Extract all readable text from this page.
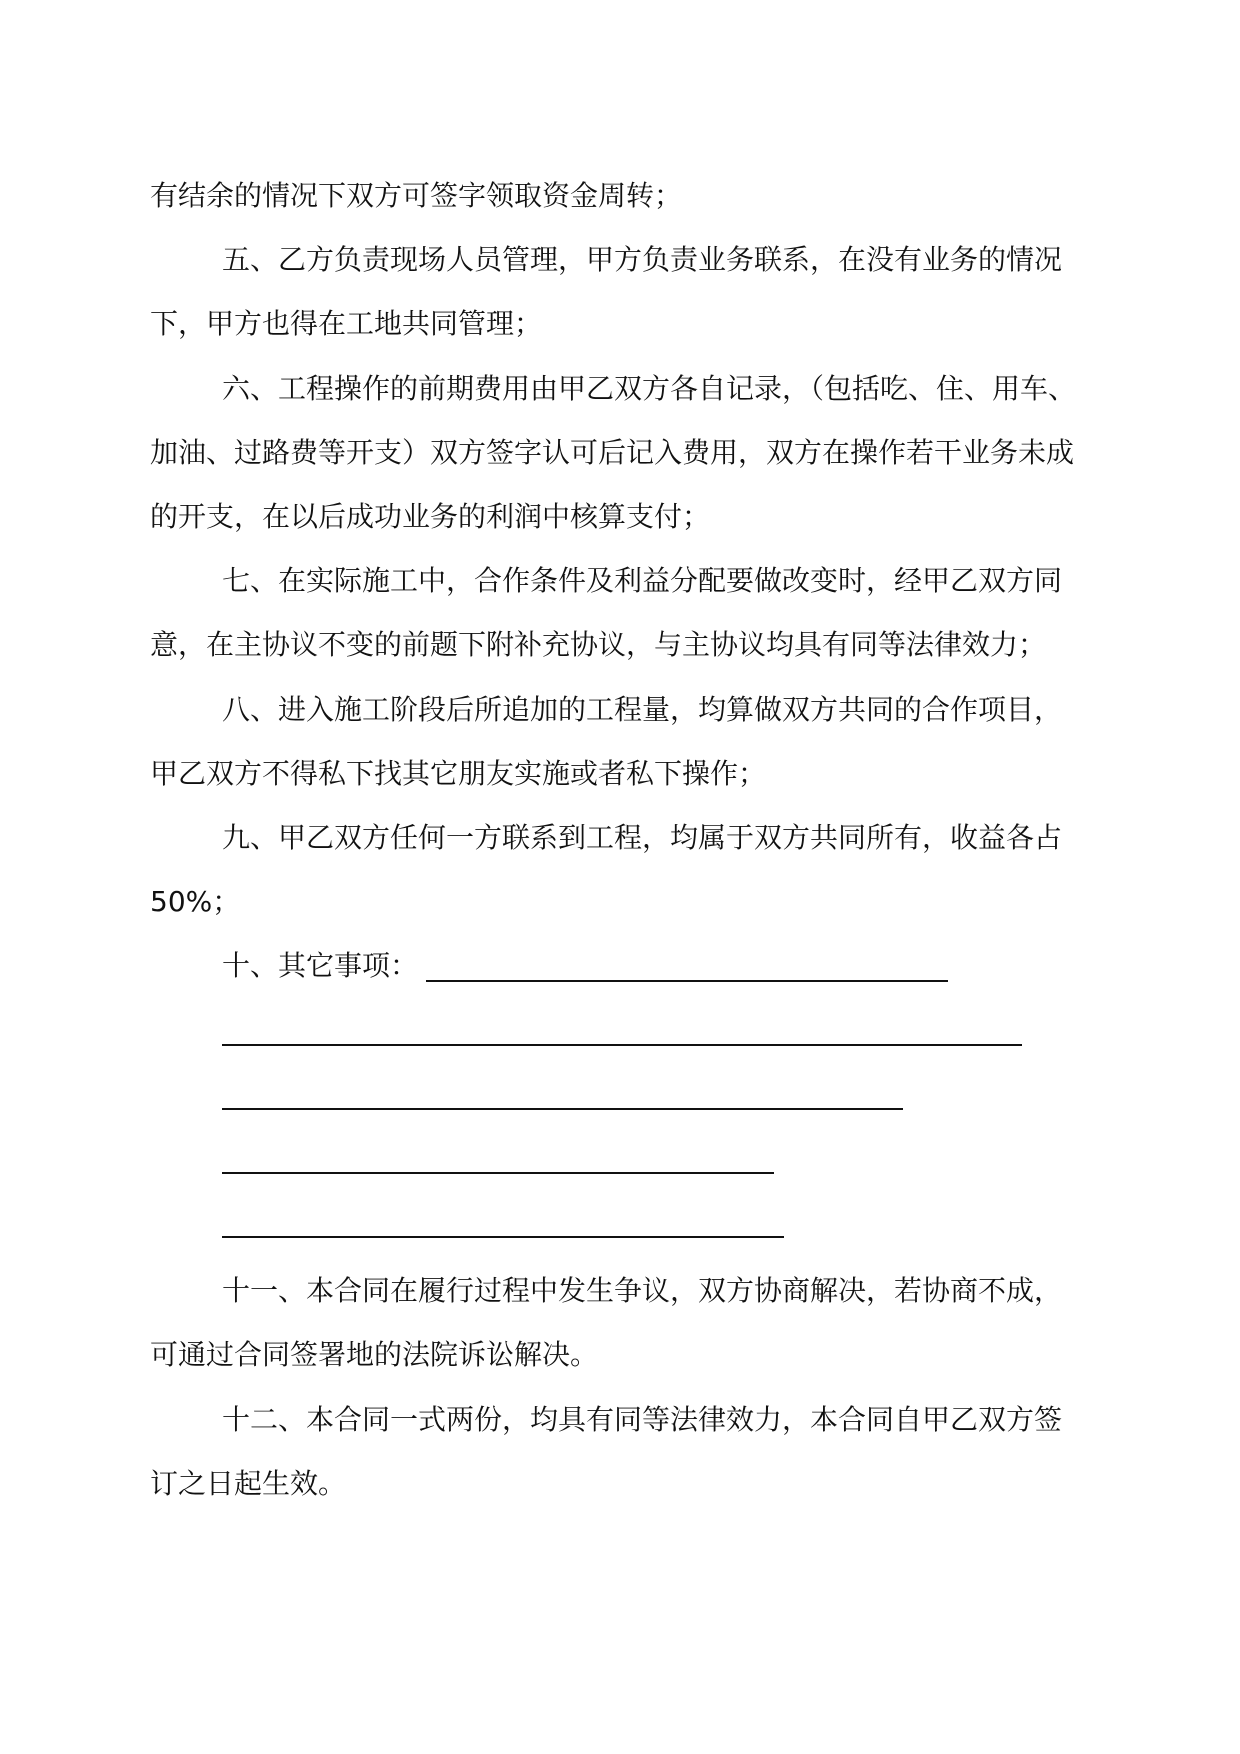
有结余的情况下双方可签字领取资金周转；
五、乙方负责现场人员管理，甲方负责业务联系，在没有业务的情况
下，甲方也得在工地共同管理；
六、工程操作的前期费用由甲乙双方各自记录，（包括吃、住、用车、
加油、过路费等开支）双方签字认可后记入费用，双方在操作若干业务未成
的开支，在以后成功业务的利润中核算支付；
七、在实际施工中，合作条件及利益分配要做改变时，经甲乙双方同
意，在主协议不变的前题下附补充协议，与主协议均具有同等法律效力；
八、进入施工阶段后所追加的工程量，均算做双方共同的合作项目，
甲乙双方不得私下找其它朋友实施或者私下操作；
九、甲乙双方任何一方联系到工程，均属于双方共同所有，收益各占
50%；
十、其它事项：
十一、本合同在履行过程中发生争议，双方协商解决，若协商不成，
可通过合同签署地的法院诉讼解决。
十二、本合同一式两份，均具有同等法律效力，本合同自甲乙双方签
订之日起生效。
